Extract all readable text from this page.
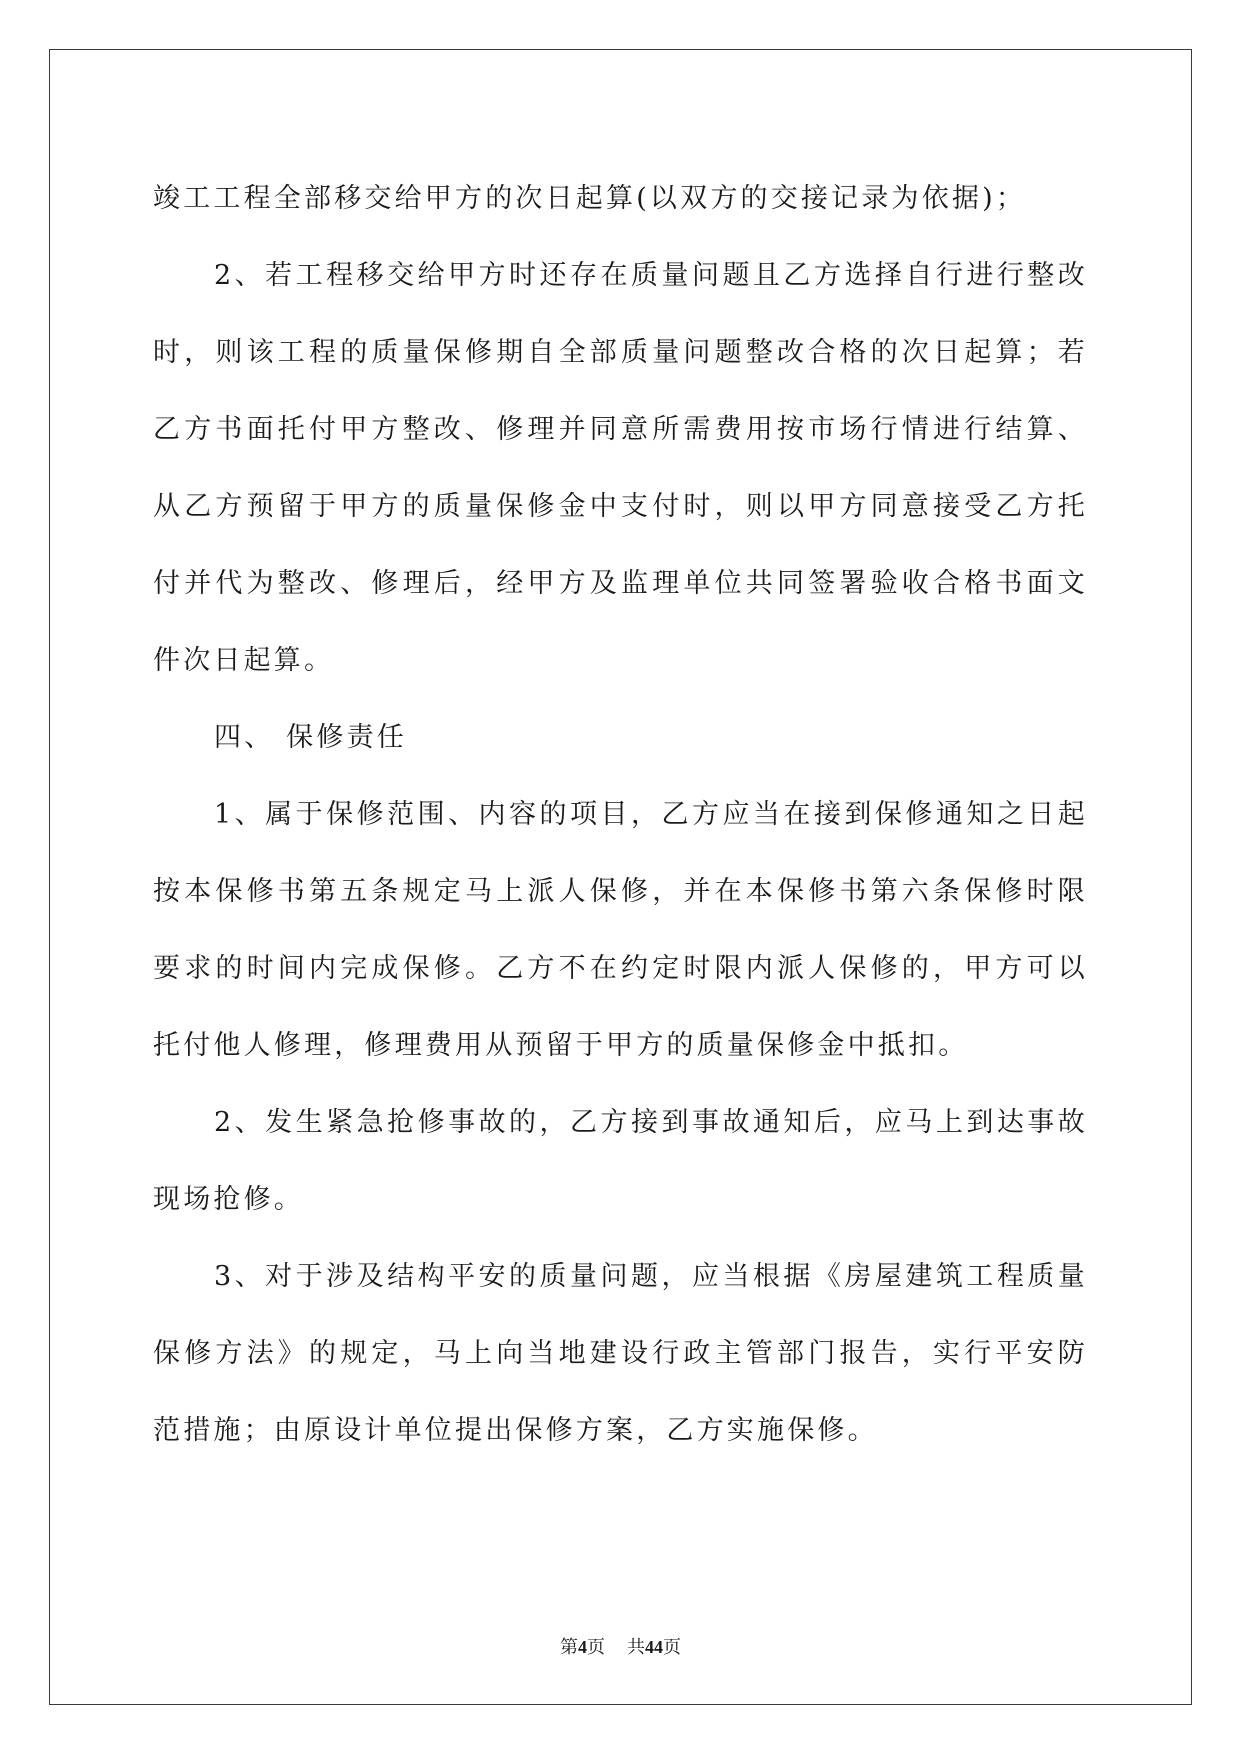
竣工工程全部移交给甲方的次日起算(以双方的交接记录为依据)；

2、若工程移交给甲方时还存在质量问题且乙方选择自行进行整改时，则该工程的质量保修期自全部质量问题整改合格的次日起算；若乙方书面托付甲方整改、修理并同意所需费用按市场行情进行结算、从乙方预留于甲方的质量保修金中支付时，则以甲方同意接受乙方托付并代为整改、修理后，经甲方及监理单位共同签署验收合格书面文件次日起算。

四、 保修责任

1、属于保修范围、内容的项目，乙方应当在接到保修通知之日起按本保修书第五条规定马上派人保修，并在本保修书第六条保修时限要求的时间内完成保修。乙方不在约定时限内派人保修的，甲方可以托付他人修理，修理费用从预留于甲方的质量保修金中抵扣。

2、发生紧急抢修事故的，乙方接到事故通知后，应马上到达事故现场抢修。

3、对于涉及结构平安的质量问题，应当根据《房屋建筑工程质量保修方法》的规定，马上向当地建设行政主管部门报告，实行平安防范措施；由原设计单位提出保修方案，乙方实施保修。

第4页 共44页
